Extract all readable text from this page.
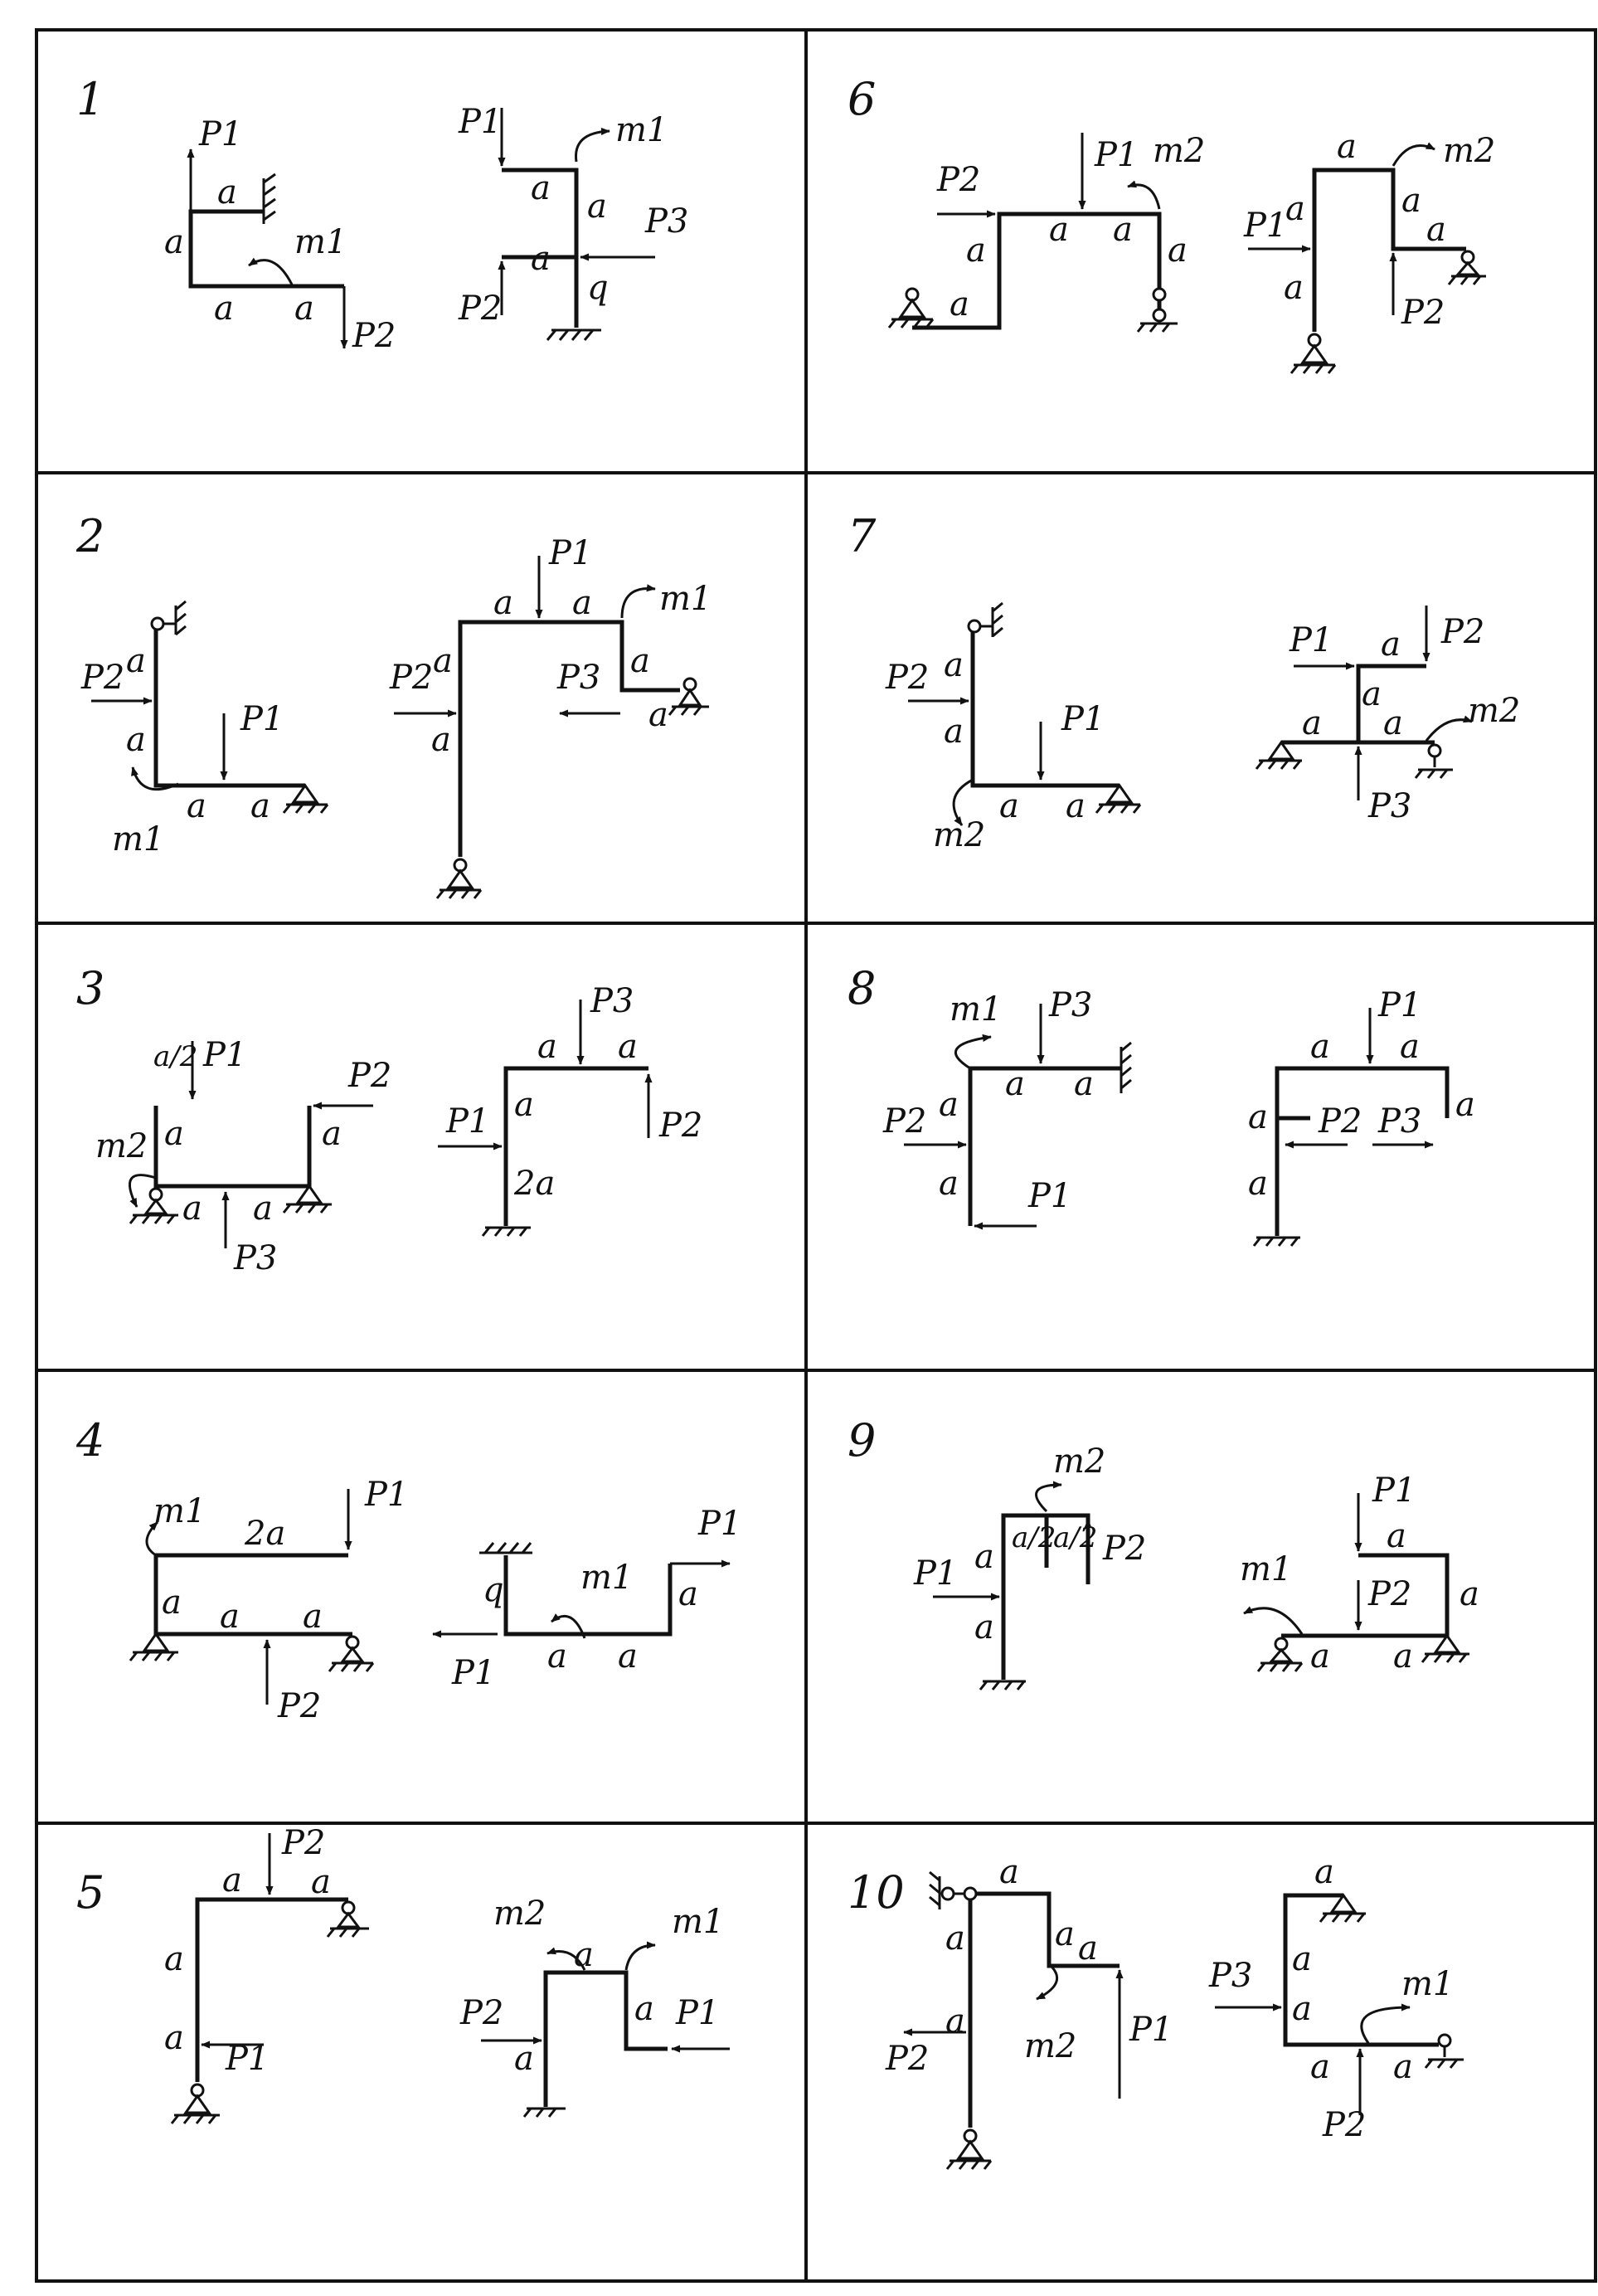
1
2
3
4
5
6
7
8
9
10
P1
a
a	m1
a a
P2
P1	m1
a a P3
a
P2
q
P2 a
a
P1
m1
a a
P1
a a m1
P2 a	P3 a
a
a
a/2 P1
P2
m2 a	a
a a
P3
P3
a a
P1 a
P2
2a
m1
2a
P1
a a a
P2
P1
q m1 a
P1 a a
a
P2
a
a
P1
a
m2
a
m1
P2	a P1
a
P2
P1 m2
a a
a	a
a
a	m2
P1
a	a
a
a
P2
P2 a
a	P1
m2
a a
P1 a P2
a
a a m2
P3
m1 P3
a a
P2 a
a P1
P1
a a
a P2 P3 a
a
m2
a/2
a/2 P2
P1 a
a
P1
a
m1
P2 a
a a
a
a	a a
P2
a
m2 P1
a
P3 a
a
m1
a a
P2
